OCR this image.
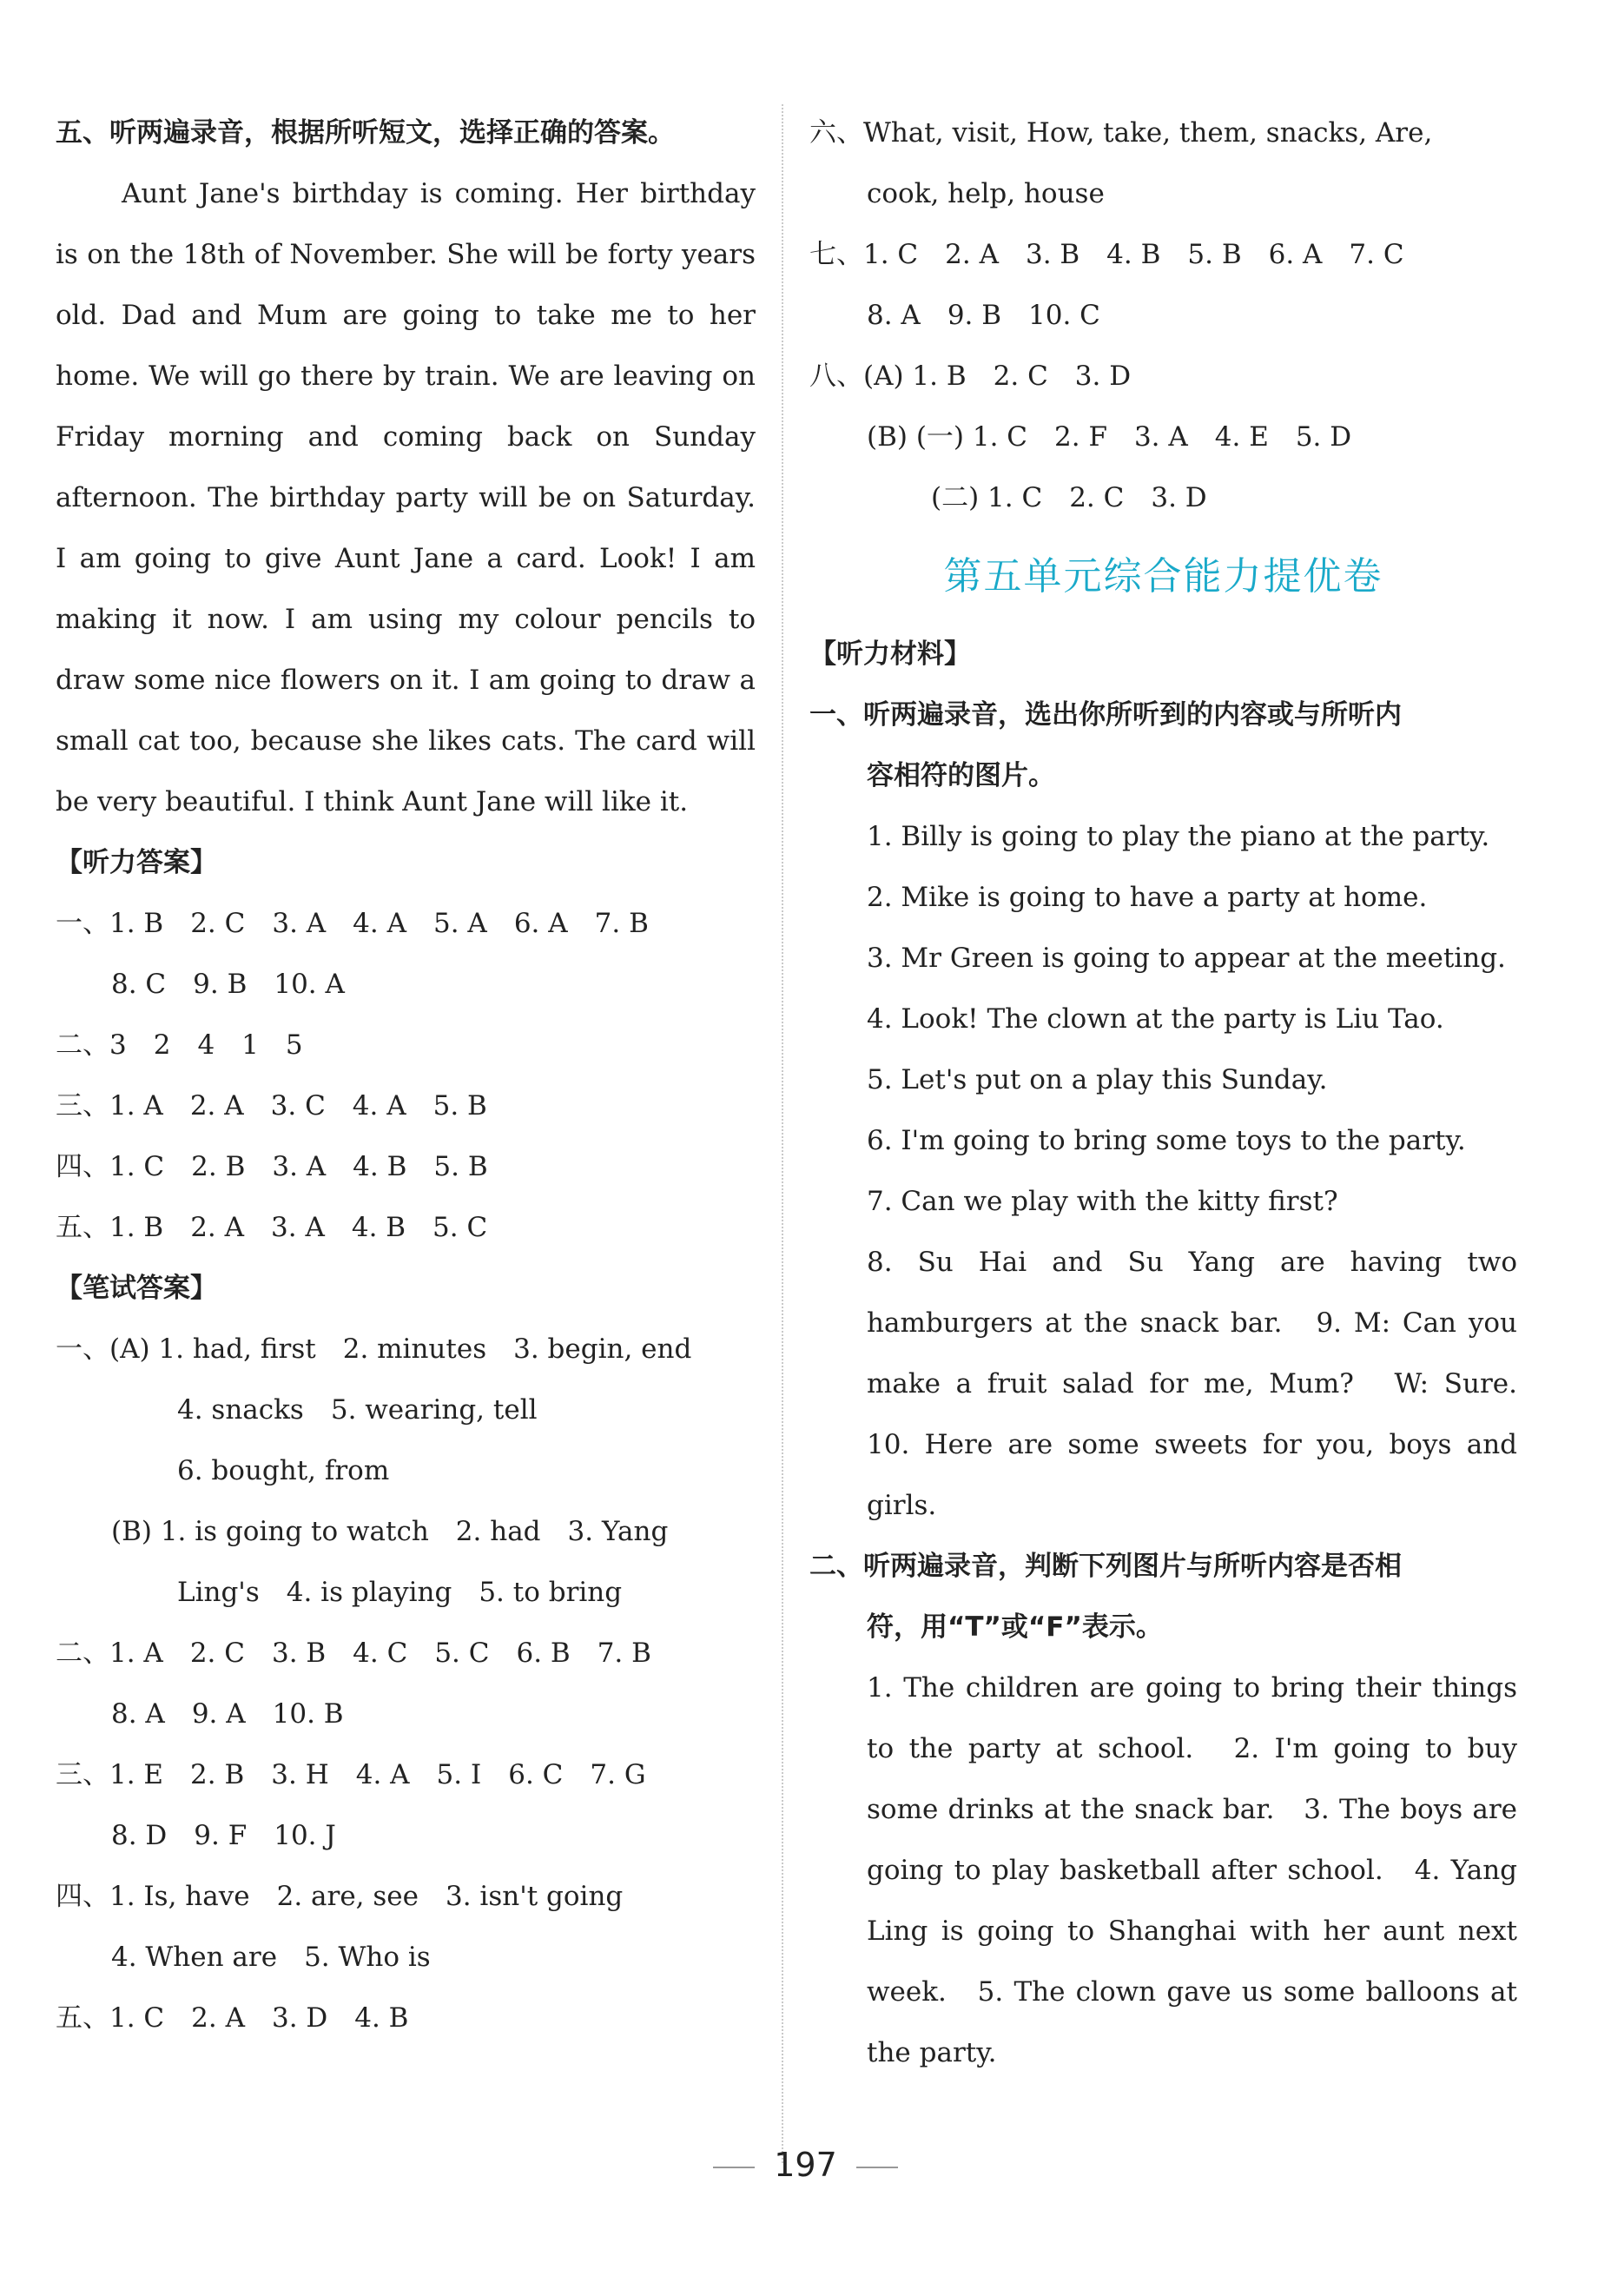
五、听两遍录音，根据所听短文，选择正确的答案。
Aunt Jane's birthday is coming. Her birthday is on the 18th of November. She will be forty years old. Dad and Mum are going to take me to her home. We will go there by train. We are leaving on Friday morning and coming back on Sunday afternoon. The birthday party will be on Saturday. I am going to give Aunt Jane a card. Look! I am making it now. I am using my colour pencils to draw some nice flowers on it. I am going to draw a small cat too, because she likes cats. The card will be very beautiful. I think Aunt Jane will like it.
【听力答案】
一、1. B　2. C　3. A　4. A　5. A　6. A　7. B
8. C　9. B　10. A
二、3　2　4　1　5
三、1. A　2. A　3. C　4. A　5. B
四、1. C　2. B　3. A　4. B　5. B
五、1. B　2. A　3. A　4. B　5. C
【笔试答案】
一、(A) 1. had, first　2. minutes　3. begin, end
4. snacks　5. wearing, tell
6. bought, from
(B) 1. is going to watch　2. had　3. Yang
Ling's　4. is playing　5. to bring
二、1. A　2. C　3. B　4. C　5. C　6. B　7. B
8. A　9. A　10. B
三、1. E　2. B　3. H　4. A　5. I　6. C　7. G
8. D　9. F　10. J
四、1. Is, have　2. are, see　3. isn't going
4. When are　5. Who is
五、1. C　2. A　3. D　4. B
六、What, visit, How, take, them, snacks, Are,
cook, help, house
七、1. C　2. A　3. B　4. B　5. B　6. A　7. C
8. A　9. B　10. C
八、(A) 1. B　2. C　3. D
(B) (一) 1. C　2. F　3. A　4. E　5. D
(二) 1. C　2. C　3. D
第五单元综合能力提优卷
【听力材料】
一、听两遍录音，选出你所听到的内容或与所听内
容相符的图片。
1. Billy is going to play the piano at the party.
2. Mike is going to have a party at home.
3. Mr Green is going to appear at the meeting.
4. Look! The clown at the party is Liu Tao.
5. Let's put on a play this Sunday.
6. I'm going to bring some toys to the party.
7. Can we play with the kitty first?
8. Su Hai and Su Yang are having two hamburgers at the snack bar.　9. M: Can you make a fruit salad for me, Mum?　W: Sure.　10. Here are some sweets for you, boys and girls.
二、听两遍录音，判断下列图片与所听内容是否相
符，用“T”或“F”表示。
1. The children are going to bring their things to the party at school.　2. I'm going to buy some drinks at the snack bar.　3. The boys are going to play basketball after school.　4. Yang Ling is going to Shanghai with her aunt next week.　5. The clown gave us some balloons at the party.
197
